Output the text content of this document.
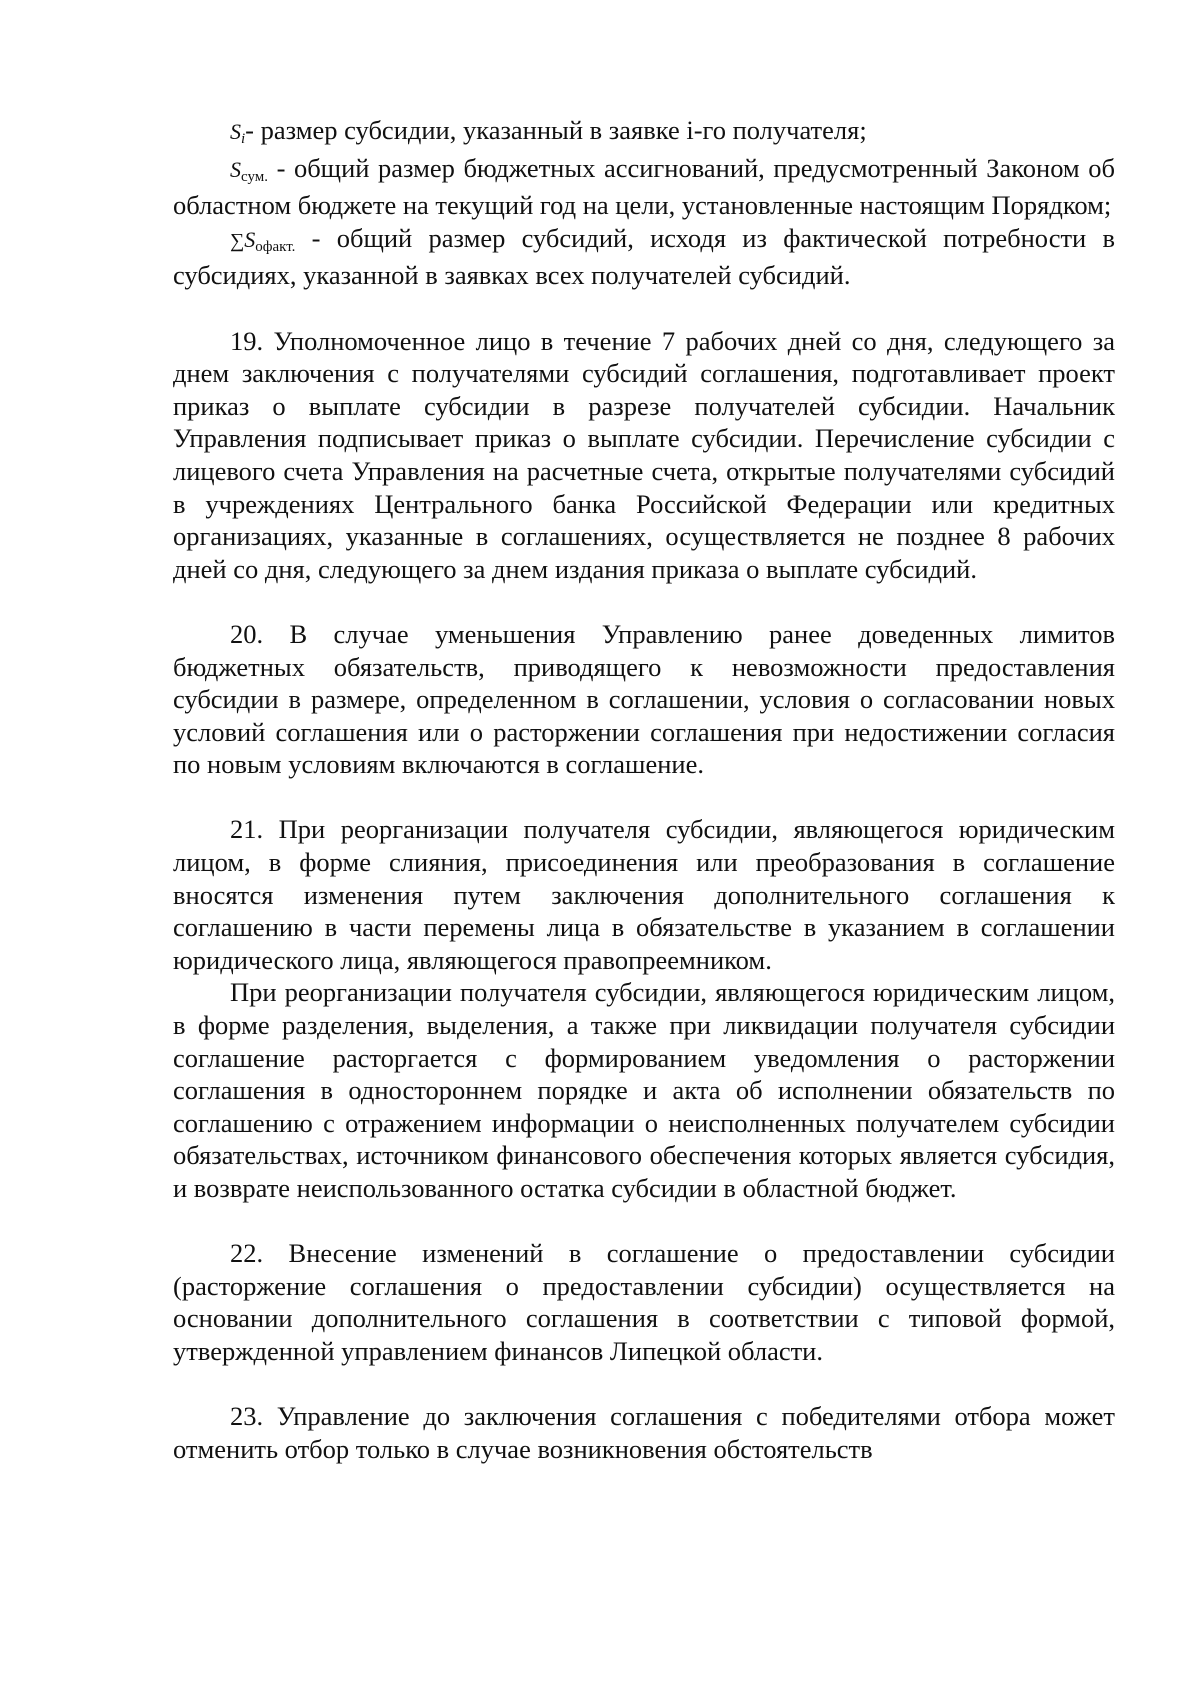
Si- размер субсидии, указанный в заявке i-го получателя;

Sсум. - общий размер бюджетных ассигнований, предусмотренный Законом об областном бюджете на текущий год на цели, установленные настоящим Порядком;

∑Sофакт. - общий размер субсидий, исходя из фактической потребности в субсидиях, указанной в заявках всех получателей субсидий.

19. Уполномоченное лицо в течение 7 рабочих дней со дня, следующего за днем заключения с получателями субсидий соглашения, подготавливает проект приказ о выплате субсидии в разрезе получателей субсидии. Начальник Управления подписывает приказ о выплате субсидии. Перечисление субсидии с лицевого счета Управления на расчетные счета, открытые получателями субсидий в учреждениях Центрального банка Российской Федерации или кредитных организациях, указанные в соглашениях, осуществляется не позднее 8 рабочих дней со дня, следующего за днем издания приказа о выплате субсидий.

20. В случае уменьшения Управлению ранее доведенных лимитов бюджетных обязательств, приводящего к невозможности предоставления субсидии в размере, определенном в соглашении, условия о согласовании новых условий соглашения или о расторжении соглашения при недостижении согласия по новым условиям включаются в соглашение.

21. При реорганизации получателя субсидии, являющегося юридическим лицом, в форме слияния, присоединения или преобразования в соглашение вносятся изменения путем заключения дополнительного соглашения к соглашению в части перемены лица в обязательстве в указанием в соглашении юридического лица, являющегося правопреемником.

При реорганизации получателя субсидии, являющегося юридическим лицом, в форме разделения, выделения, а также при ликвидации получателя субсидии соглашение расторгается с формированием уведомления о расторжении соглашения в одностороннем порядке и акта об исполнении обязательств по соглашению с отражением информации о неисполненных получателем субсидии обязательствах, источником финансового обеспечения которых является субсидия, и возврате неиспользованного остатка субсидии в областной бюджет.

22. Внесение изменений в соглашение о предоставлении субсидии (расторжение соглашения о предоставлении субсидии) осуществляется на основании дополнительного соглашения в соответствии с типовой формой, утвержденной управлением финансов Липецкой области.

23. Управление до заключения соглашения с победителями отбора может отменить отбор только в случае возникновения обстоятельств
